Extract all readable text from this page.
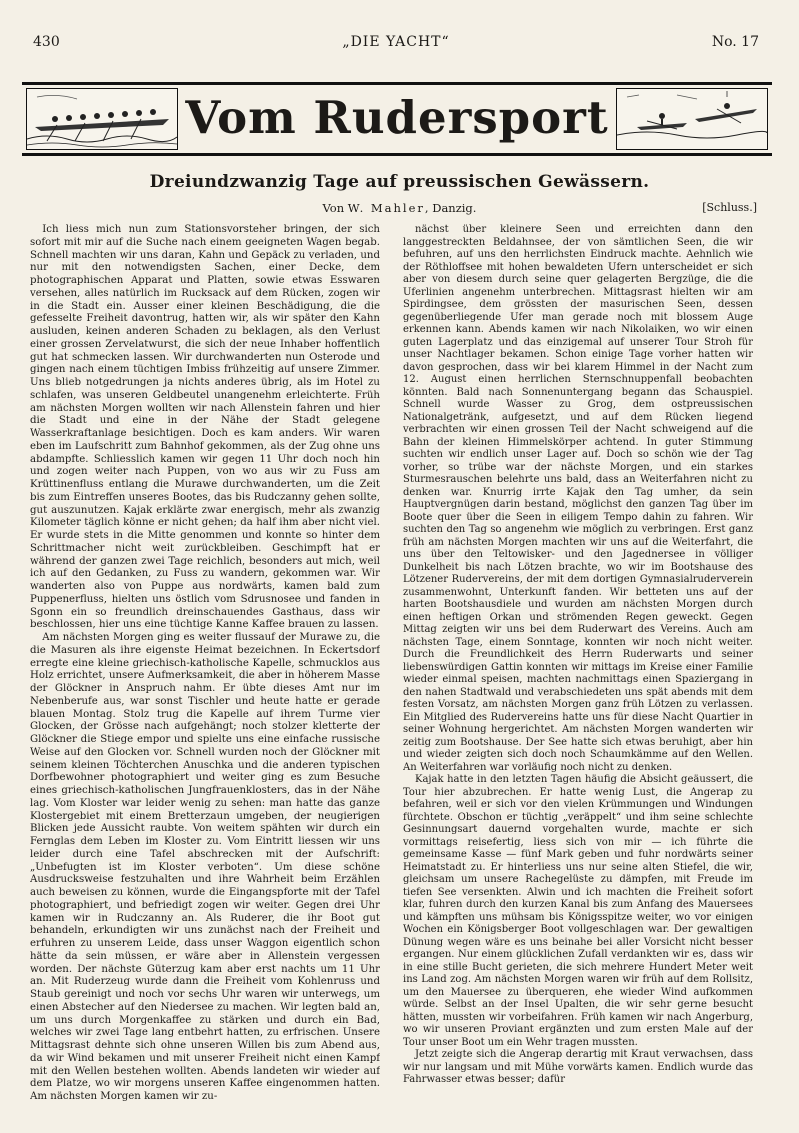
430	„DIE YACHT“	No. 17
Vom Rudersport
Dreiundzwanzig Tage auf preussischen Gewässern.
Von W. Mahler, Danzig.	[Schluss.]

Ich liess mich nun zum Stationsvorsteher bringen, der sich sofort mit mir auf die Suche nach einem geeigneten Wagen begab. Schnell machten wir uns daran, Kahn und Gepäck zu verladen, und nur mit den notwendigsten Sachen, einer Decke, dem photographischen Apparat und Platten, sowie etwas Esswaren versehen, alles natürlich im Rucksack auf dem Rücken, zogen wir in die Stadt ein. Ausser einer kleinen Beschädigung, die die gefesselte Freiheit davontrug, hatten wir, als wir später den Kahn ausluden, keinen anderen Schaden zu beklagen, als den Verlust einer grossen Zervelatwurst, die sich der neue Inhaber hoffentlich gut hat schmecken lassen. Wir durchwanderten nun Osterode und gingen nach einem tüchtigen Imbiss frühzeitig auf unsere Zimmer. Uns blieb notgedrungen ja nichts anderes übrig, als im Hotel zu schlafen, was unseren Geldbeutel unangenehm erleichterte. Früh am nächsten Morgen wollten wir nach Allenstein fahren und hier die Stadt und eine in der Nähe der Stadt gelegene Wasserkraftanlage besichtigen. Doch es kam anders. Wir waren eben im Laufschritt zum Bahnhof gekommen, als der Zug ohne uns abdampfte. Schliesslich kamen wir gegen 11 Uhr doch noch hin und zogen weiter nach Puppen, von wo aus wir zu Fuss am Krüttinenfluss entlang die Murawe durchwanderten, um die Zeit bis zum Eintreffen unseres Bootes, das bis Rudczanny gehen sollte, gut auszunutzen. Kajak erklärte zwar energisch, mehr als zwanzig Kilometer täglich könne er nicht gehen; da half ihm aber nicht viel. Er wurde stets in die Mitte genommen und konnte so hinter dem Schrittmacher nicht weit zurückbleiben. Geschimpft hat er während der ganzen zwei Tage reichlich, besonders aut mich, weil ich auf den Gedanken, zu Fuss zu wandern, gekommen war. Wir wanderten also von Puppe aus nordwärts, kamen bald zum Puppenerfluss, hielten uns östlich vom Sdrusnosee und fanden in Sgonn ein so freundlich dreinschauendes Gasthaus, dass wir beschlossen, hier uns eine tüchtige Kanne Kaffee brauen zu lassen.

Am nächsten Morgen ging es weiter flussauf der Murawe zu, die die Masuren als ihre eigenste Heimat bezeichnen. In Eckertsdorf erregte eine kleine griechisch-katholische Kapelle, schmucklos aus Holz errichtet, unsere Aufmerksamkeit, die aber in höherem Masse der Glöckner in Anspruch nahm. Er übte dieses Amt nur im Nebenberufe aus, war sonst Tischler und heute hatte er gerade blauen Montag. Stolz trug die Kapelle auf ihrem Turme vier Glocken, der Grösse nach aufgehängt; noch stolzer kletterte der Glöckner die Stiege empor und spielte uns eine einfache russische Weise auf den Glocken vor. Schnell wurden noch der Glöckner mit seinem kleinen Töchterchen Anuschka und die anderen typischen Dorfbewohner photographiert und weiter ging es zum Besuche eines griechisch-katholischen Jungfrauenklosters, das in der Nähe lag. Vom Kloster war leider wenig zu sehen: man hatte das ganze Klostergebiet mit einem Bretterzaun umgeben, der neugierigen Blicken jede Aussicht raubte. Von weitem spähten wir durch ein Fernglas dem Leben im Kloster zu. Vom Eintritt liessen wir uns leider durch eine Tafel abschrecken mit der Aufschrift: „Unbefugten ist im Kloster verboten“. Um diese schöne Ausdrucksweise festzuhalten und ihre Wahrheit beim Erzählen auch beweisen zu können, wurde die Eingangspforte mit der Tafel photographiert, und befriedigt zogen wir weiter. Gegen drei Uhr kamen wir in Rudczanny an. Als Ruderer, die ihr Boot gut behandeln, erkundigten wir uns zunächst nach der Freiheit und erfuhren zu unserem Leide, dass unser Waggon eigentlich schon hätte da sein müssen, er wäre aber in Allenstein vergessen worden. Der nächste Güterzug kam aber erst nachts um 11 Uhr an. Mit Ruderzeug wurde dann die Freiheit vom Kohlenruss und Staub gereinigt und noch vor sechs Uhr waren wir unterwegs, um einen Abstecher auf den Niedersee zu machen. Wir legten bald an, um uns durch Morgenkaffee zu stärken und durch ein Bad, welches wir zwei Tage lang entbehrt hatten, zu erfrischen. Unsere Mittagsrast dehnte sich ohne unseren Willen bis zum Abend aus, da wir Wind bekamen und mit unserer Freiheit nicht einen Kampf mit den Wellen bestehen wollten. Abends landeten wir wieder auf dem Platze, wo wir morgens unseren Kaffee eingenommen hatten. Am nächsten Morgen kamen wir zu-

nächst über kleinere Seen und erreichten dann den langgestreckten Beldahnsee, der von sämtlichen Seen, die wir befuhren, auf uns den herrlichsten Eindruck machte. Aehnlich wie der Röthloffsee mit hohen bewaldeten Ufern unterscheidet er sich aber von diesem durch seine quer gelagerten Bergzüge, die die Uferlinien angenehm unterbrechen. Mittagsrast hielten wir am Spirdingsee, dem grössten der masurischen Seen, dessen gegenüberliegende Ufer man gerade noch mit blossem Auge erkennen kann. Abends kamen wir nach Nikolaiken, wo wir einen guten Lagerplatz und das einzigemal auf unserer Tour Stroh für unser Nachtlager bekamen. Schon einige Tage vorher hatten wir davon gesprochen, dass wir bei klarem Himmel in der Nacht zum 12. August einen herrlichen Sternschnuppenfall beobachten könnten. Bald nach Sonnenuntergang begann das Schauspiel. Schnell wurde Wasser zu Grog, dem ostpreussischen Nationalgetränk, aufgesetzt, und auf dem Rücken liegend verbrachten wir einen grossen Teil der Nacht schweigend auf die Bahn der kleinen Himmelskörper achtend. In guter Stimmung suchten wir endlich unser Lager auf. Doch so schön wie der Tag vorher, so trübe war der nächste Morgen, und ein starkes Sturmesrauschen belehrte uns bald, dass an Weiterfahren nicht zu denken war. Knurrig irrte Kajak den Tag umher, da sein Hauptvergnügen darin bestand, möglichst den ganzen Tag über im Boote quer über die Seen in eiligem Tempo dahin zu fahren. Wir suchten den Tag so angenehm wie möglich zu verbringen. Erst ganz früh am nächsten Morgen machten wir uns auf die Weiterfahrt, die uns über den Teltowisker- und den Jagednersee in völliger Dunkelheit bis nach Lötzen brachte, wo wir im Bootshause des Lötzener Rudervereins, der mit dem dortigen Gymnasialruderverein zusammenwohnt, Unterkunft fanden. Wir betteten uns auf der harten Bootshausdiele und wurden am nächsten Morgen durch einen heftigen Orkan und strömenden Regen geweckt. Gegen Mittag zeigten wir uns bei dem Ruderwart des Vereins. Auch am nächsten Tage, einem Sonntage, konnten wir noch nicht weiter. Durch die Freundlichkeit des Herrn Ruderwarts und seiner liebenswürdigen Gattin konnten wir mittags im Kreise einer Familie wieder einmal speisen, machten nachmittags einen Spaziergang in den nahen Stadtwald und verabschiedeten uns spät abends mit dem festen Vorsatz, am nächsten Morgen ganz früh Lötzen zu verlassen. Ein Mitglied des Rudervereins hatte uns für diese Nacht Quartier in seiner Wohnung hergerichtet. Am nächsten Morgen wanderten wir zeitig zum Bootshause. Der See hatte sich etwas beruhigt, aber hin und wieder zeigten sich doch noch Schaumkämme auf den Wellen. An Weiterfahren war vorläufig noch nicht zu denken.

Kajak hatte in den letzten Tagen häufig die Absicht geäussert, die Tour hier abzubrechen. Er hatte wenig Lust, die Angerap zu befahren, weil er sich vor den vielen Krümmungen und Windungen fürchtete. Obschon er tüchtig „veräppelt“ und ihm seine schlechte Gesinnungsart dauernd vorgehalten wurde, machte er sich vormittags reisefertig, liess sich von mir — ich führte die gemeinsame Kasse — fünf Mark geben und fuhr nordwärts seiner Heimatstadt zu. Er hinterliess uns nur seine alten Stiefel, die wir, gleichsam um unsere Rachegelüste zu dämpfen, mit Freude im tiefen See versenkten. Alwin und ich machten die Freiheit sofort klar, fuhren durch den kurzen Kanal bis zum Anfang des Mauersees und kämpften uns mühsam bis Königsspitze weiter, wo vor einigen Wochen ein Königsberger Boot vollgeschlagen war. Der gewaltigen Dünung wegen wäre es uns beinahe bei aller Vorsicht nicht besser ergangen. Nur einem glücklichen Zufall verdankten wir es, dass wir in eine stille Bucht gerieten, die sich mehrere Hundert Meter weit ins Land zog. Am nächsten Morgen waren wir früh auf dem Rollsitz, um den Mauersee zu überqueren, ehe wieder Wind aufkommen würde. Selbst an der Insel Upalten, die wir sehr gerne besucht hätten, mussten wir vorbeifahren. Früh kamen wir nach Angerburg, wo wir unseren Proviant ergänzten und zum ersten Male auf der Tour unser Boot um ein Wehr tragen mussten.

Jetzt zeigte sich die Angerap derartig mit Kraut verwachsen, dass wir nur langsam und mit Mühe vorwärts kamen. Endlich wurde das Fahrwasser etwas besser; dafür
